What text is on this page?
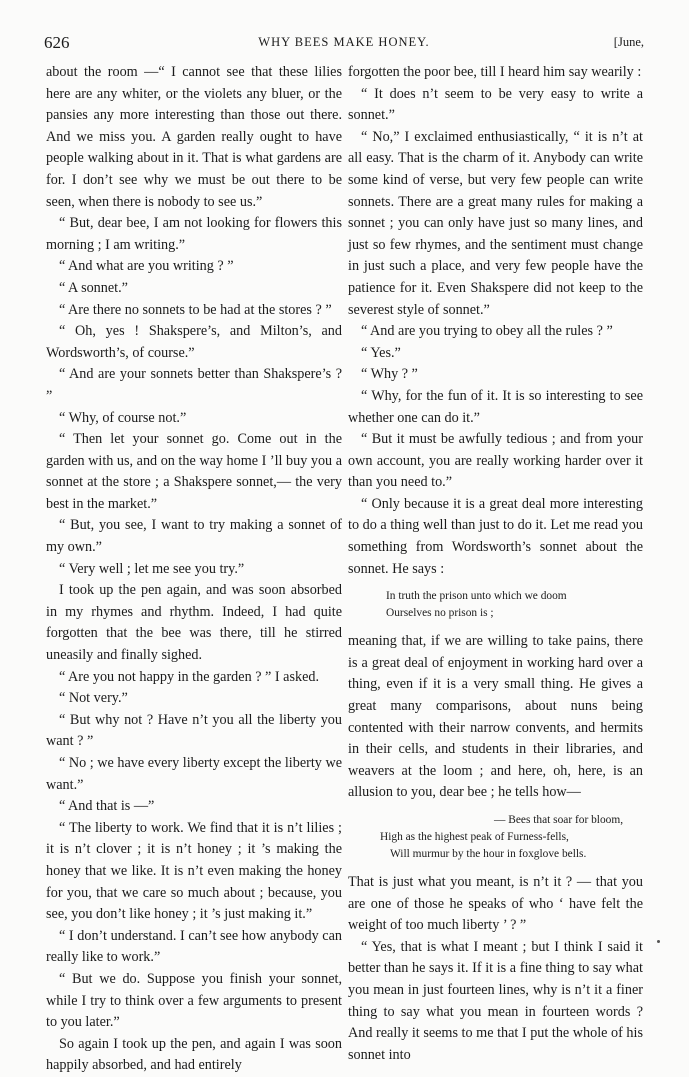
626	WHY BEES MAKE HONEY.	[June,

about the room —“ I cannot see that these lilies here are any whiter, or the violets any bluer, or the pansies any more interesting than those out there. And we miss you. A garden really ought to have people walking about in it. That is what gardens are for. I don’t see why we must be out there to be seen, when there is nobody to see us.”

“ But, dear bee, I am not looking for flowers this morning ; I am writing.”

“ And what are you writing ? ”

“ A sonnet.”

“ Are there no sonnets to be had at the stores ? ”

“ Oh, yes ! Shakspere’s, and Milton’s, and Wordsworth’s, of course.”

“ And are your sonnets better than Shakspere’s ? ”

“ Why, of course not.”

“ Then let your sonnet go. Come out in the garden with us, and on the way home I ’ll buy you a sonnet at the store ; a Shakspere sonnet,— the very best in the market.”

“ But, you see, I want to try making a sonnet of my own.”

“ Very well ; let me see you try.”

I took up the pen again, and was soon absorbed in my rhymes and rhythm. Indeed, I had quite forgotten that the bee was there, till he stirred uneasily and finally sighed.

“ Are you not happy in the garden ? ” I asked.

“ Not very.”

“ But why not ? Have n’t you all the liberty you want ? ”

“ No ; we have every liberty except the liberty we want.”

“ And that is —”

“ The liberty to work. We find that it is n’t lilies ; it is n’t clover ; it is n’t honey ; it ’s making the honey that we like. It is n’t even making the honey for you, that we care so much about ; because, you see, you don’t like honey ; it ’s just making it.”

“ I don’t understand. I can’t see how anybody can really like to work.”

“ But we do. Suppose you finish your sonnet, while I try to think over a few arguments to present to you later.”

So again I took up the pen, and again I was soon happily absorbed, and had entirely

forgotten the poor bee, till I heard him say wearily :

“ It does n’t seem to be very easy to write a sonnet.”

“ No,” I exclaimed enthusiastically, “ it is n’t at all easy. That is the charm of it. Anybody can write some kind of verse, but very few people can write sonnets. There are a great many rules for making a sonnet ; you can only have just so many lines, and just so few rhymes, and the sentiment must change in just such a place, and very few people have the patience for it. Even Shakspere did not keep to the severest style of sonnet.”

“ And are you trying to obey all the rules ? ”

“ Yes.”

“ Why ? ”

“ Why, for the fun of it. It is so interesting to see whether one can do it.”

“ But it must be awfully tedious ; and from your own account, you are really working harder over it than you need to.”

“ Only because it is a great deal more interesting to do a thing well than just to do it. Let me read you something from Wordsworth’s sonnet about the sonnet. He says :

In truth the prison unto which we doom
Ourselves no prison is ;

meaning that, if we are willing to take pains, there is a great deal of enjoyment in working hard over a thing, even if it is a very small thing. He gives a great many comparisons, about nuns being contented with their narrow convents, and hermits in their cells, and students in their libraries, and weavers at the loom ; and here, oh, here, is an allusion to you, dear bee ; he tells how—

— Bees that soar for bloom,
High as the highest peak of Furness-fells,
Will murmur by the hour in foxglove bells.

That is just what you meant, is n’t it ? — that you are one of those he speaks of who ‘ have felt the weight of too much liberty ’ ? ”

“ Yes, that is what I meant ; but I think I said it better than he says it. If it is a fine thing to say what you mean in just fourteen lines, why is n’t it a finer thing to say what you mean in fourteen words ? And really it seems to me that I put the whole of his sonnet into
